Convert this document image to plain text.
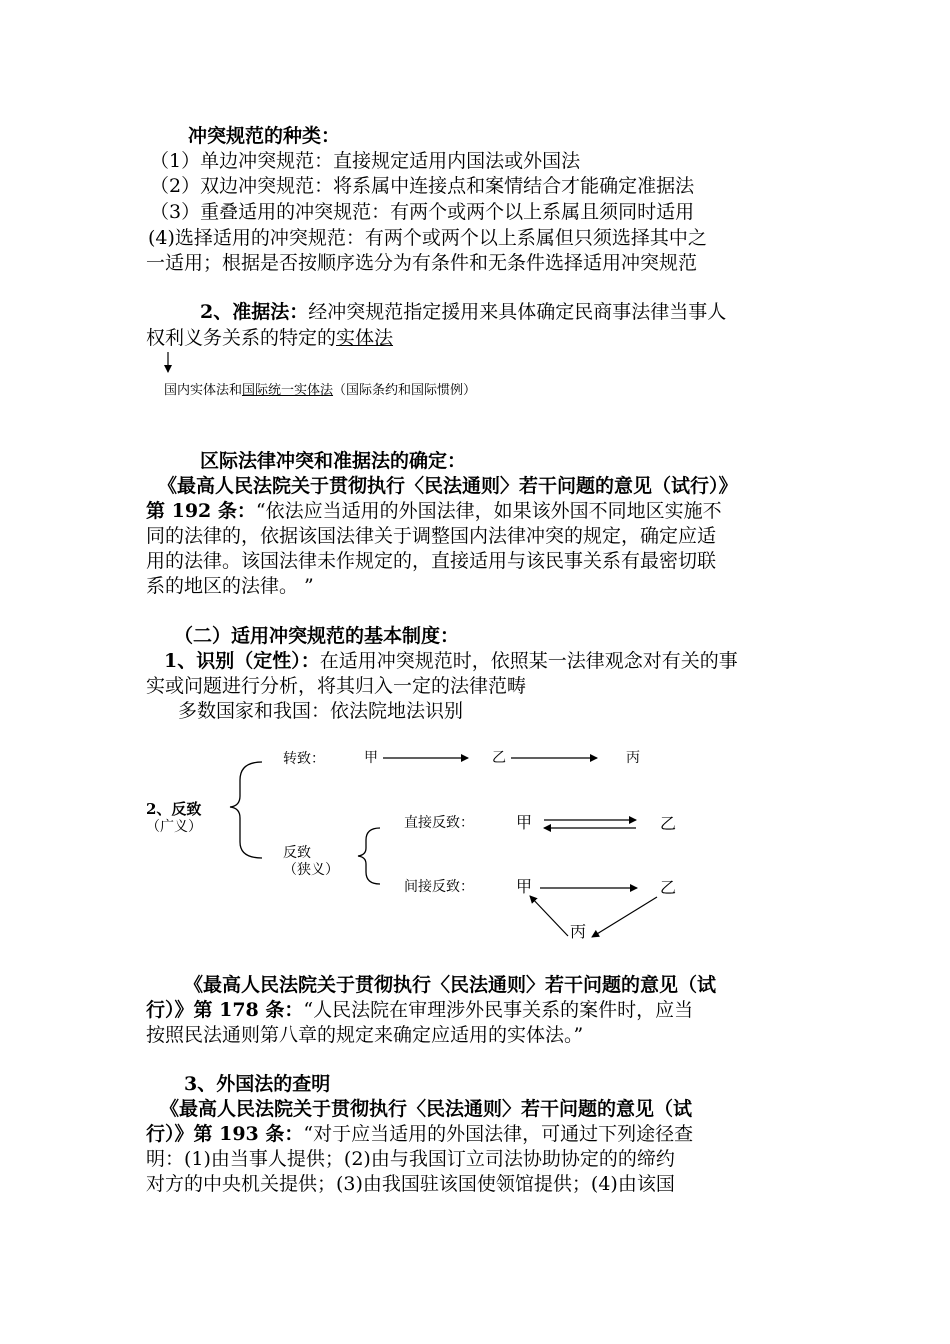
冲突规范的种类：
（1）单边冲突规范：直接规定适用内国法或外国法
（2）双边冲突规范：将系属中连接点和案情结合才能确定准据法
（3）重叠适用的冲突规范：有两个或两个以上系属且须同时适用
(4)选择适用的冲突规范：有两个或两个以上系属但只须选择其中之
一适用；根据是否按顺序选分为有条件和无条件选择适用冲突规范
2、准据法：经冲突规范指定援用来具体确定民商事法律当事人
权利义务关系的特定的实体法
国内实体法和国际统一实体法（国际条约和国际惯例）
区际法律冲突和准据法的确定：
《最高人民法院关于贯彻执行〈民法通则〉若干问题的意见（试行）》
第 192 条：“依法应当适用的外国法律，如果该外国不同地区实施不
同的法律的，依据该国法律关于调整国内法律冲突的规定，确定应适
用的法律。该国法律未作规定的，直接适用与该民事关系有最密切联
系的地区的法律。 ”
（二）适用冲突规范的基本制度：
1、识别（定性）：在适用冲突规范时，依照某一法律观念对有关的事
实或问题进行分析，将其归入一定的法律范畴
多数国家和我国：依法院地法识别
2、反致
（广义）
转致：	甲	乙	丙
反致
（狭义）
直接反致：	甲	乙
间接反致：	甲	乙
丙
《最高人民法院关于贯彻执行〈民法通则〉若干问题的意见（试
行）》第 178 条：“人民法院在审理涉外民事关系的案件时，应当
按照民法通则第八章的规定来确定应适用的实体法。”
3、外国法的查明
《最高人民法院关于贯彻执行〈民法通则〉若干问题的意见（试
行）》第 193 条：“对于应当适用的外国法律，可通过下列途径查
明：(1)由当事人提供；(2)由与我国订立司法协助协定的的缔约
对方的中央机关提供；(3)由我国驻该国使领馆提供；(4)由该国
